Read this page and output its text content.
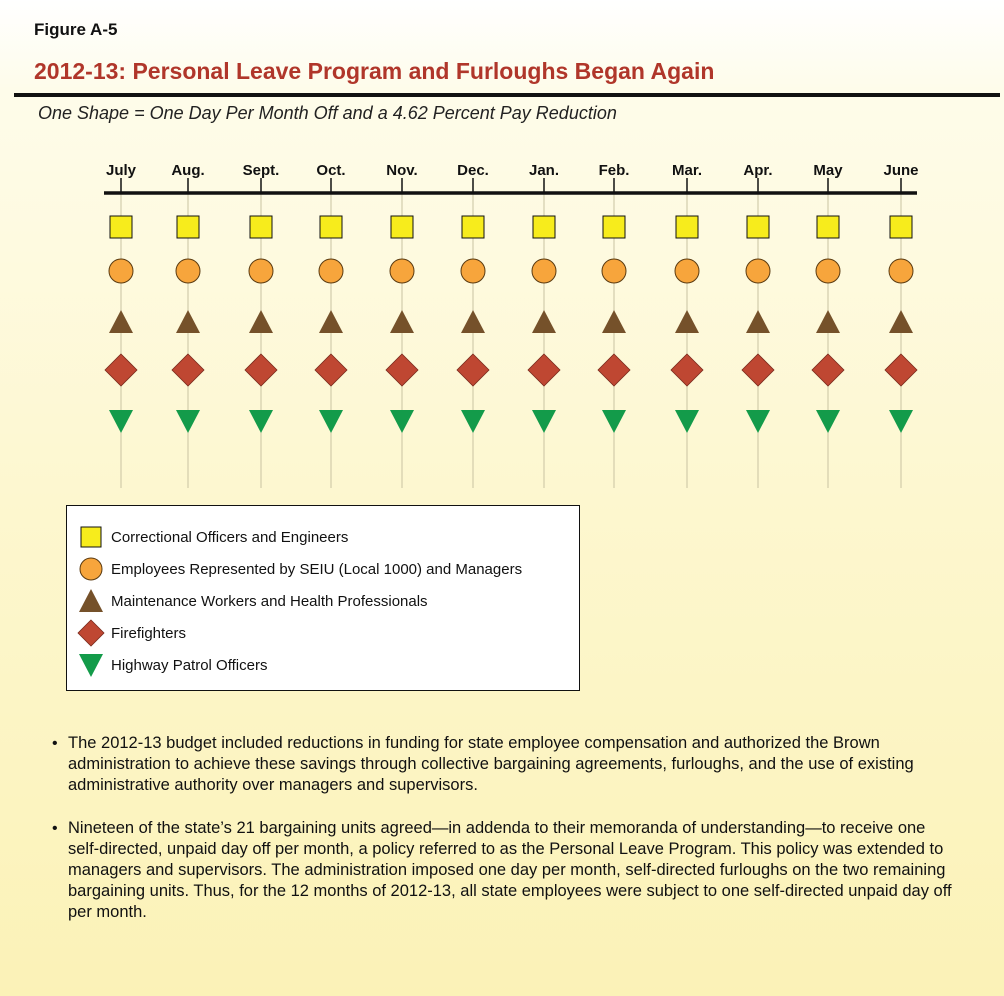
Figure A-5
2012-13: Personal Leave Program and Furloughs Began Again
One Shape = One Day Per Month Off and a 4.62 Percent Pay Reduction
July Aug.	Sept. Oct.	Nov.	Dec.	Jan.	Feb.	Mar.	Apr.	May	June
Correctional Officers and Engineers
Employees Represented by SEIU (Local 1000) and Managers
Maintenance Workers and Health Professionals
Firefighters
Highway Patrol Officers
• The 2012-13 budget included reductions in funding for state employee compensation and authorized the Brown administration to achieve these savings through collective bargaining agreements, furloughs, and the use of existing administrative authority over managers and supervisors.
• Nineteen of the state’s 21 bargaining units agreed—in addenda to their memoranda of understanding—to receive one self-directed, unpaid day off per month, a policy referred to as the Personal Leave Program. This policy was extended to managers and supervisors. The administration imposed one day per month, self-directed furloughs on the two remaining bargaining units. Thus, for the 12 months of 2012-13, all state employees were subject to one self-directed unpaid day off per month.
